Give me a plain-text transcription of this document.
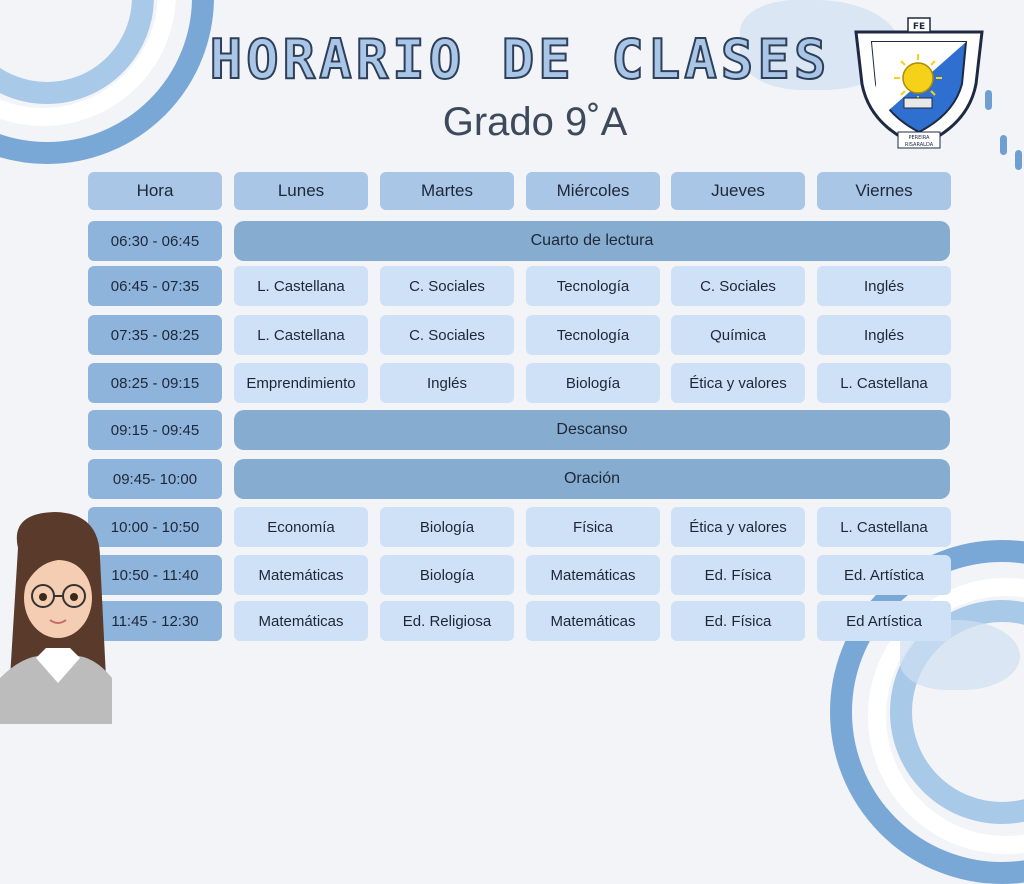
HORARIO DE CLASES
Grado 9˚A
FE
PEREIRA
RISARALDA
Hora	Lunes	Martes	Miércoles	Jueves	Viernes
06:30 - 06:45	Cuarto de lectura
06:45 - 07:35	L. Castellana	C. Sociales	Tecnología	C. Sociales	Inglés
07:35 - 08:25	L. Castellana	C. Sociales	Tecnología	Química	Inglés
08:25 - 09:15	Emprendimiento	Inglés	Biología	Ética y valores	L. Castellana
09:15 - 09:45	Descanso
09:45- 10:00	Oración
10:00 - 10:50	Economía	Biología	Física	Ética y valores	L. Castellana
10:50 - 11:40	Matemáticas	Biología	Matemáticas	Ed. Física	Ed. Artística
11:45 - 12:30	Matemáticas	Ed. Religiosa	Matemáticas	Ed. Física	Ed Artística
